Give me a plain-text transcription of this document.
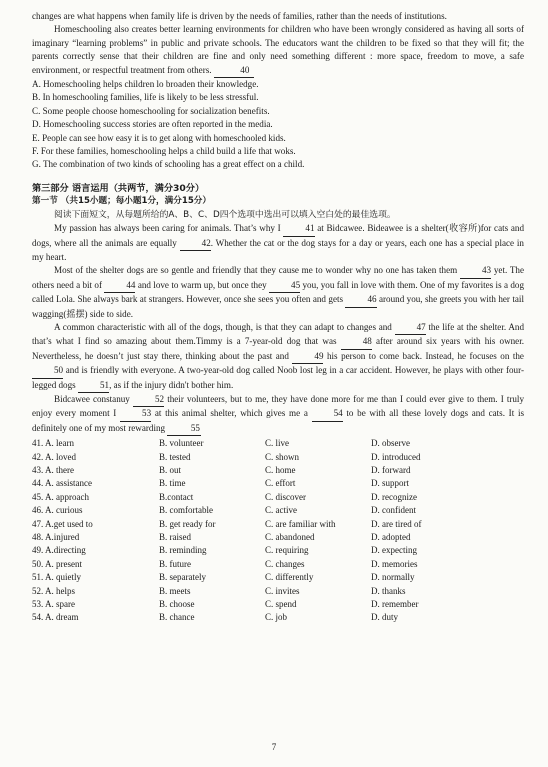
changes are what happens when family life is driven by the needs of families, rather than the needs of institutions.

Homeschooling also creates better learning environments for children who have been wrongly considered as having all sorts of imaginary “learning problems” in public and private schools. The educators want the children to be fixed so that they will fit; the parents correctly sense that their children are fine and only need something different : more space, freedom to move, a safe environment, or respectful treatment from others.	40

A. Homeschooling helps children lo broaden their knowledge.

B. In homeschooling families, life is likely to be less stressful.

C. Some people choose homeschooling for socialization benefits.

D. Homeschooling success stories are often reported in the media.

E. People can see how easy it is to get along with homeschooled kids.

F. For these families, homeschooling helps a child build a life that woks.

G. The combination of two kinds of schooling has a great effect on a child.

第三部分 语言运用（共两节，满分30分）

第一节 （共15小题；每小题1分，满分15分）

阅读下面短文，从每题所给的A、B、C、D四个选项中选出可以填入空白处的最佳选项。

My passion has always been caring for animals. That’s why I	41 at Bidcawee. Bideawee is a shelter(收容所)for cats and dogs, where all the animals are equally	42. Whether the cat or the dog stays for a day or years, each one has a special place in my heart.

Most of the shelter dogs are so gentle and friendly that they cause me to wonder why no one has taken them	43 yet. The others need a bit of	44 and love to warm up, but once they	45 you, you fall in love with them. One of my favorites is a dog called Lola. She always bark at strangers. However, once she sees you often and gets	46 around you, she greets you with her tail wagging(摇摆) side to side.

A common characteristic with all of the dogs, though, is that they can adapt to changes and	47 the life at the shelter. And that’s what I find so amazing about them.Timmy is a 7-year-old dog that was	48 after around six years with his owner. Nevertheless, he doesn’t just stay there, thinking about the past and	49 his person to come back. Instead, he focuses on the 50 and is friendly with everyone. A two-year-old dog called Noob lost leg in a car accident. However, he plays with other four-legged dogs	51, as if the injury didn't bother him.

Bidcawee constanuy	52 their volunteers, but to me, they have done more for me than I could ever give to them. I truly enjoy every moment I	53 at this animal shelter, which gives me a	54 to be with all these lovely dogs and cats. It is definitely one of my most rewarding	55

41. A. learn	B. volunteer	C. live	D. observe
42. A. loved	B. tested	C. shown	D. introduced
43. A. there	B. out	C. home	D. forward
44. A. assistance	B. time	C. effort	D. support
45. A. approach	B.contact	C. discover	D. recognize
46. A. curious	B. comfortable	C. active	D. confident
47. A.get used to	B. get ready for	C. are familiar with	D. are tired of
48. A.injured	B. raised	C. abandoned	D. adopted
49. A.directing	B. reminding	C. requiring	D. expecting
50. A. present	B. future	C. changes	D. memories
51. A. quietly	B. separately	C. differently	D. normally
52. A. helps	B. meets	C. invites	D. thanks
53. A. spare	B. choose	C. spend	D. remember
54. A. dream	B. chance	C. job	D. duty
7
